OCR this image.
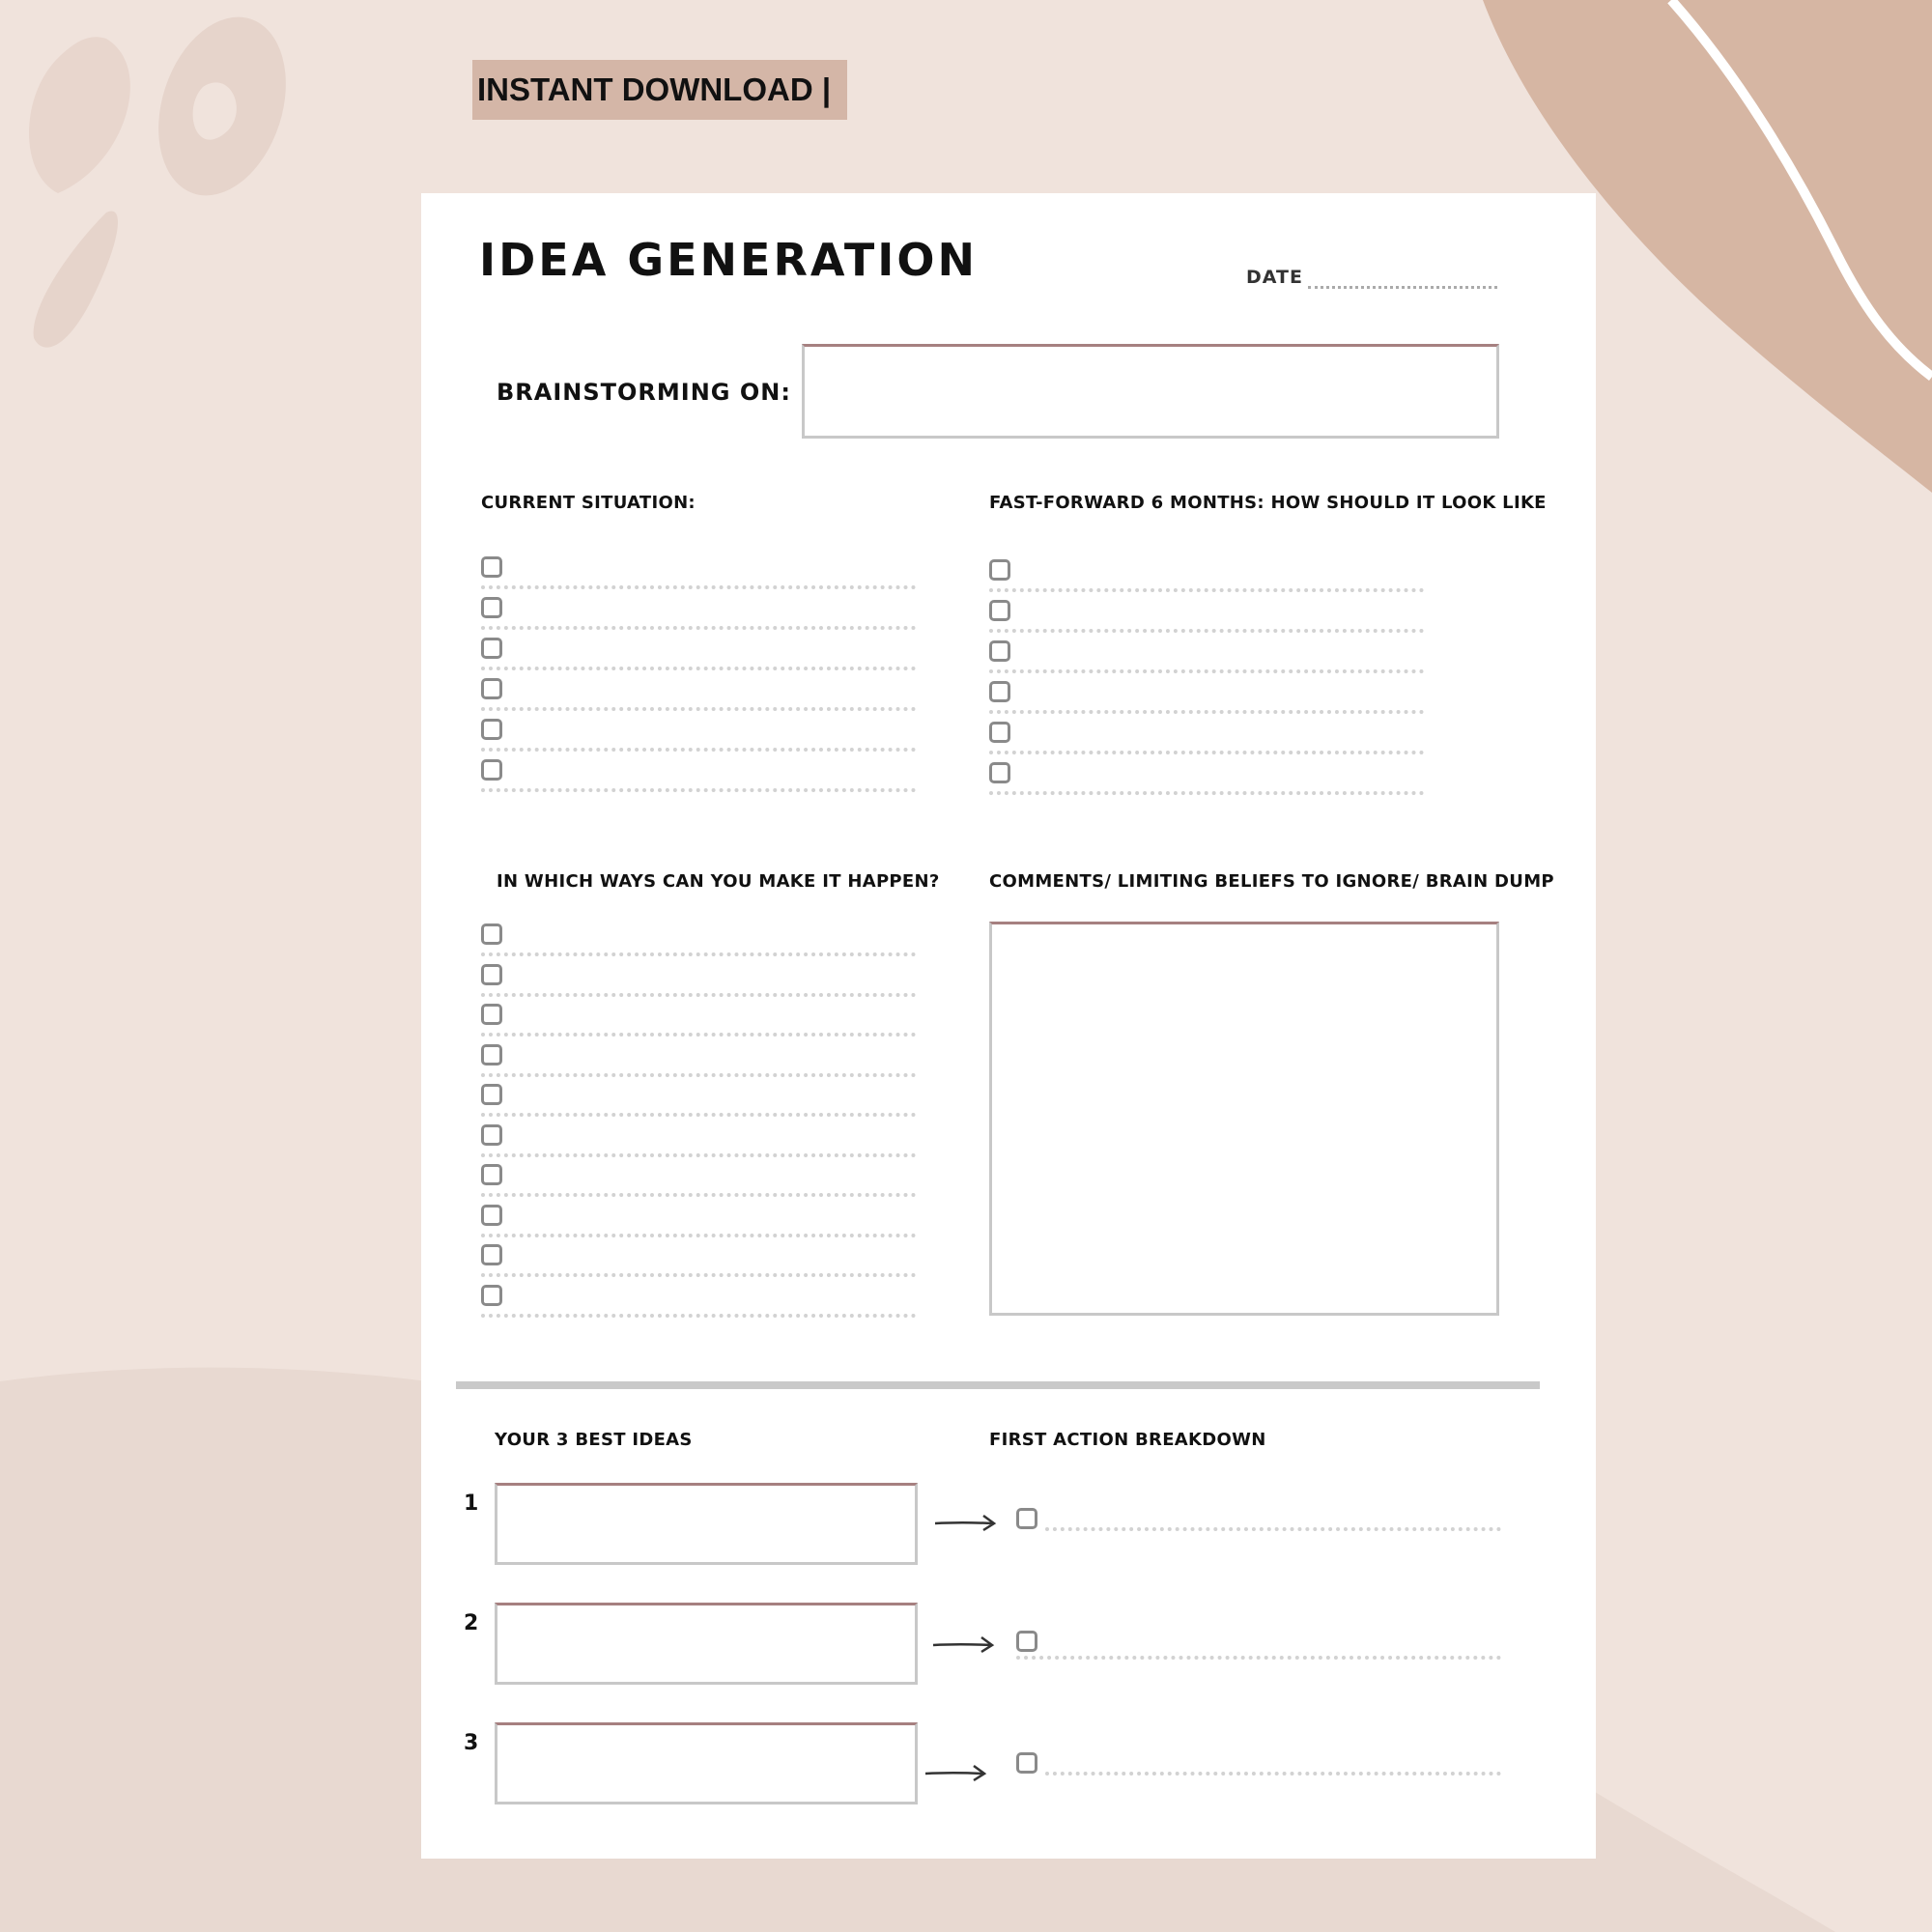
INSTANT DOWNLOAD |
IDEA GENERATION	DATE
BRAINSTORMING ON:
CURRENT SITUATION:	FAST-FORWARD 6 MONTHS: HOW SHOULD IT LOOK LIKE
IN WHICH WAYS CAN YOU MAKE IT HAPPEN?	COMMENTS/ LIMITING BELIEFS TO IGNORE/ BRAIN DUMP
YOUR 3 BEST IDEAS	FIRST ACTION BREAKDOWN
1
2
3
